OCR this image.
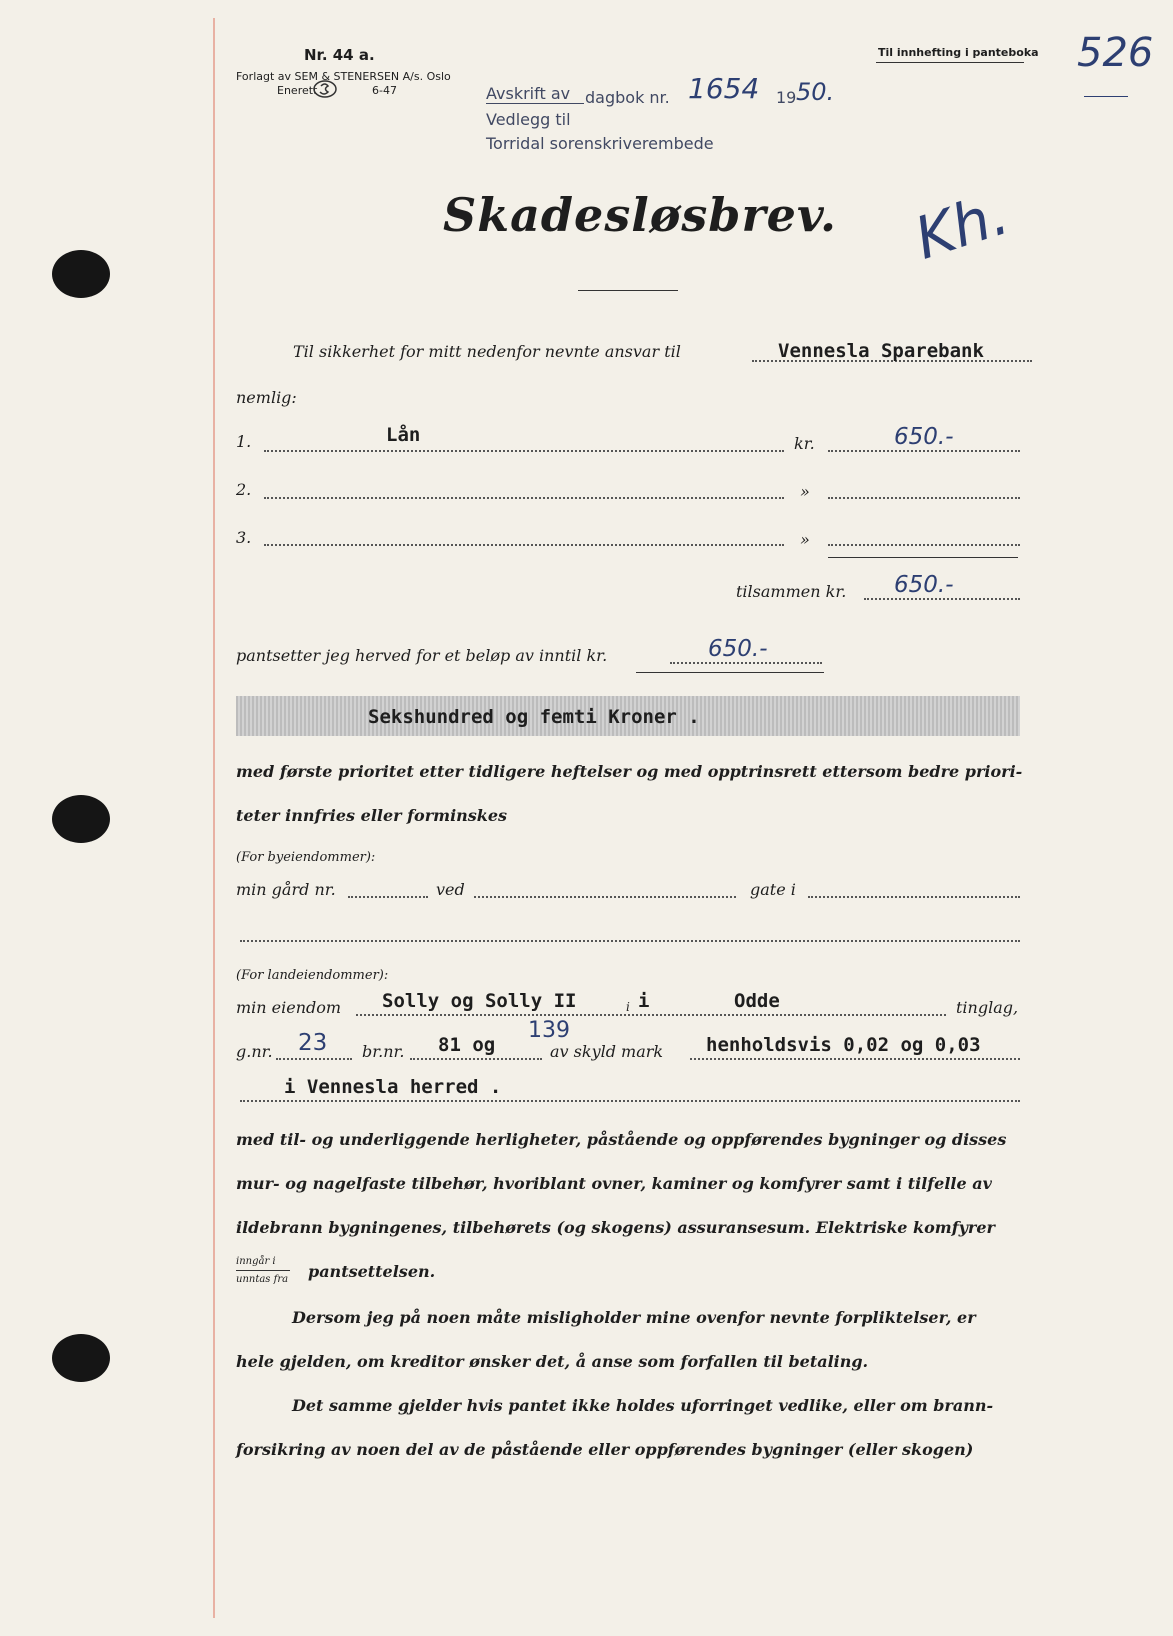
Nr. 44 a.
Forlagt av SEM & STENERSEN A/s. Oslo
Enerett	6-47
Til innhefting i panteboka 526
Avskrift av dagbok nr. 1654 19 50.
Vedlegg til
Torridal sorenskriverembede
Kh.
Skadesløsbrev.
Til sikkerhet for mitt nedenfor nevnte ansvar til	Vennesla Sparebank
nemlig:
1.	Lån	kr.	650.-
2.	»
3.	»
tilsammen kr. 650.-
pantsetter jeg herved for et beløp av inntil kr.	650.-
Sekshundred og femti Kroner .
med første prioritet etter tidligere heftelser og med opptrinsrett ettersom bedre priori-
teter innfries eller forminskes
(For byeiendommer):
min gård nr.	ved	gate i
(For landeiendommer):
min eiendom Solly og Solly II	i i	Odde	tinglag,
g.nr. 23 br.nr. 81 og
139
av skyld mark henholdsvis 0,02 og 0,03
i Vennesla herred .
med til- og underliggende herligheter, påstående og oppførendes bygninger og disses
mur- og nagelfaste tilbehør, hvoriblant ovner, kaminer og komfyrer samt i tilfelle av
ildebrann bygningenes, tilbehørets (og skogens) assuransesum. Elektriske komfyrer
inngår i
unntas fra pantsettelsen.
Dersom jeg på noen måte misligholder mine ovenfor nevnte forpliktelser, er
hele gjelden, om kreditor ønsker det, å anse som forfallen til betaling.
Det samme gjelder hvis pantet ikke holdes uforringet vedlike, eller om brann-
forsikring av noen del av de påstående eller oppførendes bygninger (eller skogen)
